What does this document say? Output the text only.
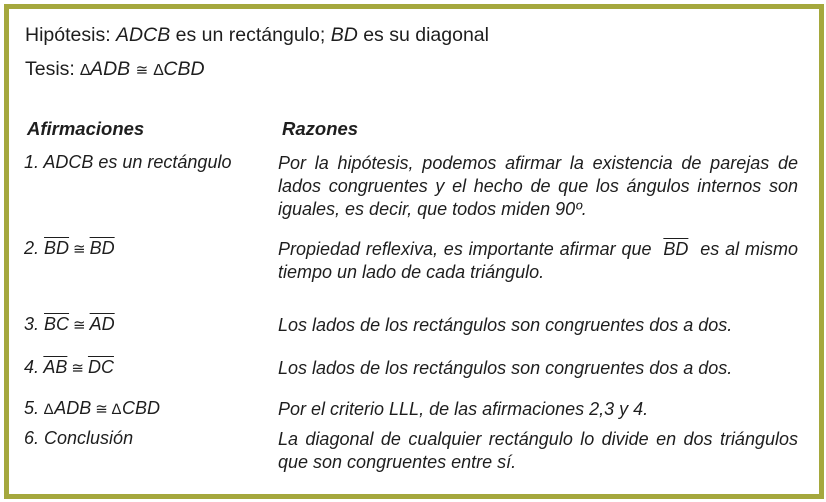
Hipótesis: ADCB es un rectángulo; BD es su diagonal
Tesis: ∆ADB ≅ ∆CBD
Afirmaciones	Razones
1. ADCB es un rectángulo	Por la hipótesis, podemos afirmar la existencia de parejas de lados congruentes y el hecho de que los ángulos internos son iguales, es decir, que todos miden 90º.
2. $\overline{BD}$ ≅ $\overline{BD}$	Propiedad reflexiva, es importante afirmar que $\overline{BD}$ es al mismo tiempo un lado de cada triángulo.
3. $\overline{BC}$ ≅ $\overline{AD}$	Los lados de los rectángulos son congruentes dos a dos.
4. $\overline{AB}$ ≅ $\overline{DC}$	Los lados de los rectángulos son congruentes dos a dos.
5. ∆ADB ≅ ∆CBD	Por el criterio LLL, de las afirmaciones 2,3 y 4.
6. Conclusión	La diagonal de cualquier rectángulo lo divide en dos triángulos que son congruentes entre sí.
